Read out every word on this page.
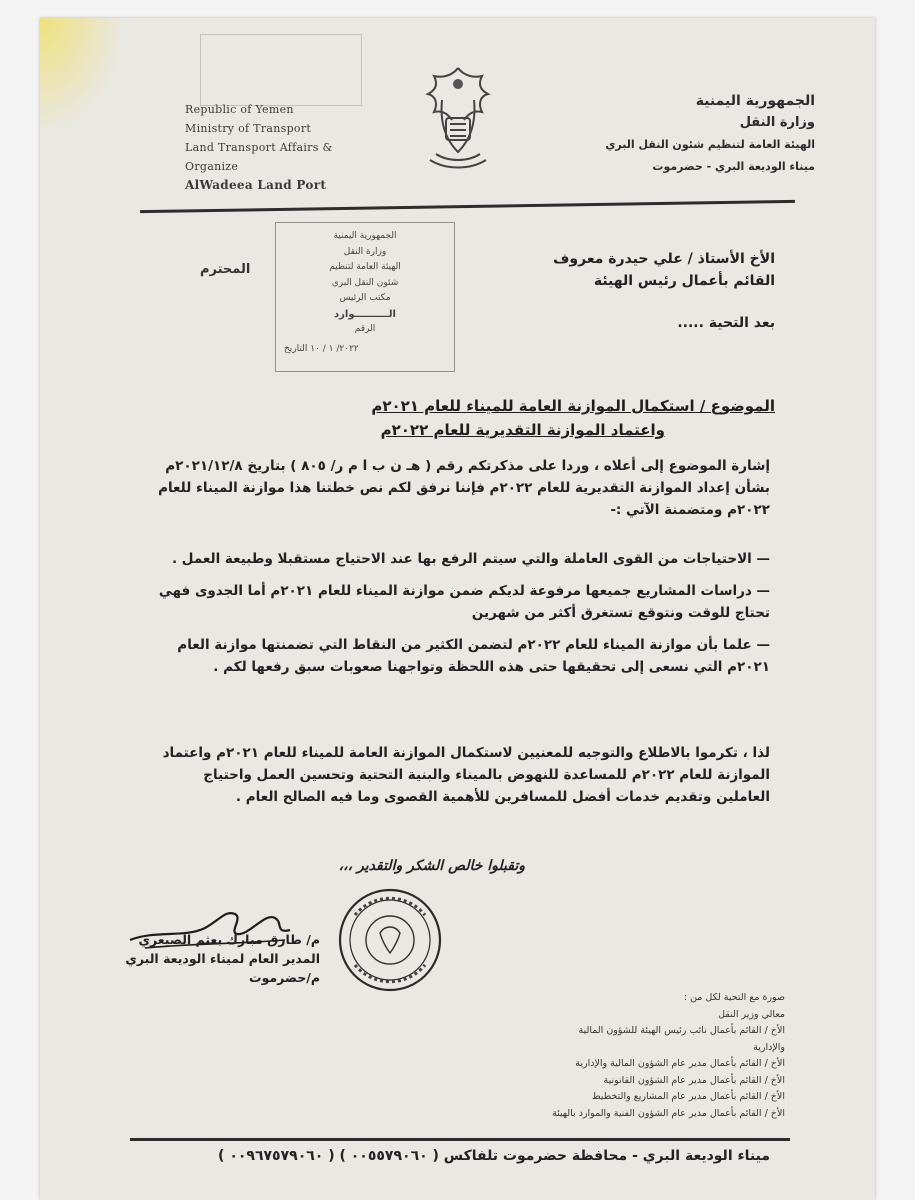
Republic of Yemen
Ministry of Transport
Land Transport Affairs & Organize
AlWadeea Land Port
الجمهورية اليمنية
وزارة النقل
الهيئة العامة لتنظيم شئون النقل البري
ميناء الوديعة البري - حضرموت
الأخ الأستاذ / علي حيدرة معروف
القائم بأعمال رئيس الهيئة
بعد التحية .....
المحترم
الجمهورية اليمنية
وزارة النقل
الهيئة العامة لتنظيم
شئون النقل البري
مكتب الرئيس
الــــــــــوارد
الرقم
٢٠٢٢/ ١ / ١٠ التاريخ
الموضوع / استكمال الموازنة العامة للميناء للعام ٢٠٢١م
واعتماد الموازنة التقديرية للعام ٢٠٢٢م
إشارة الموضوع إلى أعلاه ، وردا على مذكرتكم رقم ( هـ ن ب ا م ر/ ٨٠٥ ) بتاريخ ٢٠٢١/١٢/٨م بشأن إعداد الموازنة التقديرية للعام ٢٠٢٢م فإننا نرفق لكم نص خطتنا هذا موازنة الميناء للعام ٢٠٢٢م ومتضمنة الآتي :-

— الاحتياجات من القوى العاملة والتي سيتم الرفع بها عند الاحتياج مستقبلا وطبيعة العمل .

— دراسات المشاريع جميعها مرفوعة لديكم ضمن موازنة الميناء للعام ٢٠٢١م أما الجدوى فهي تحتاج للوقت ونتوقع تستغرق أكثر من شهرين

— علما بأن موازنة الميناء للعام ٢٠٢٢م لتضمن الكثير من النقاط التي تضمنتها موازنة العام ٢٠٢١م التي نسعى إلى تحقيقها حتى هذه اللحظة وتواجهنا صعوبات سبق رفعها لكم .

لذا ، تكرموا بالاطلاع والتوجيه للمعنيين لاستكمال الموازنة العامة للميناء للعام ٢٠٢١م واعتماد الموازنة للعام ٢٠٢٢م للمساعدة للنهوض بالميناء والبنية التحتية وتحسين العمل واحتياج العاملين وتقديم خدمات أفضل للمسافرين للأهمية القصوى وما فيه الصالح العام .
وتقبلوا خالص الشكر والتقدير ،،،
م/ طارق مبارك بعثم الصيعري
المدير العام لميناء الوديعة البري
م/حضرموت
صورة مع التحية لكل من :
معالي وزير النقل
الأخ / القائم بأعمال نائب رئيس الهيئة للشؤون المالية والإدارية
الأخ / القائم بأعمال مدير عام الشؤون المالية والإدارية
الأخ / القائم بأعمال مدير عام الشؤون القانونية
الأخ / القائم بأعمال مدير عام المشاريع والتخطيط
الأخ / القائم بأعمال مدير عام الشؤون الفنية والموارد بالهيئة
ميناء الوديعة البري - محافظة حضرموت تلفاكس ( ٠٠٥٥٧٩٠٦٠ ) ( ٠٠٩٦٧٥٧٩٠٦٠ )
